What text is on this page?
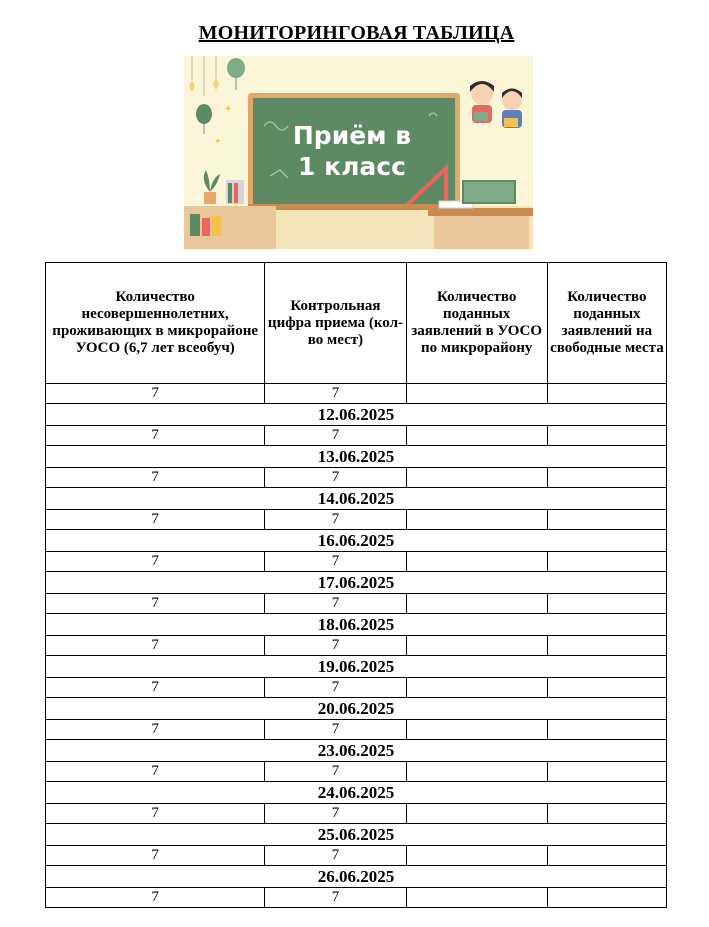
МОНИТОРИНГОВАЯ ТАБЛИЦА
✦
✦	Приём в
1 класс
Количество несовершеннолетних, проживающих в микрорайоне УОСО (6,7 лет всеобуч)	Контрольная цифра приема (кол-во мест)	Количество поданных заявлений в УОСО по микрорайону	Количество поданных заявлений на свободные места

7	7		
12.06.2025			
7	7		
13.06.2025			
7	7		
14.06.2025			
7	7		
16.06.2025			
7	7		
17.06.2025			
7	7		
18.06.2025			
7	7		
19.06.2025			
7	7		
20.06.2025			
7	7		
23.06.2025			
7	7		
24.06.2025			
7	7		
25.06.2025			
7	7		
26.06.2025			
7	7		
